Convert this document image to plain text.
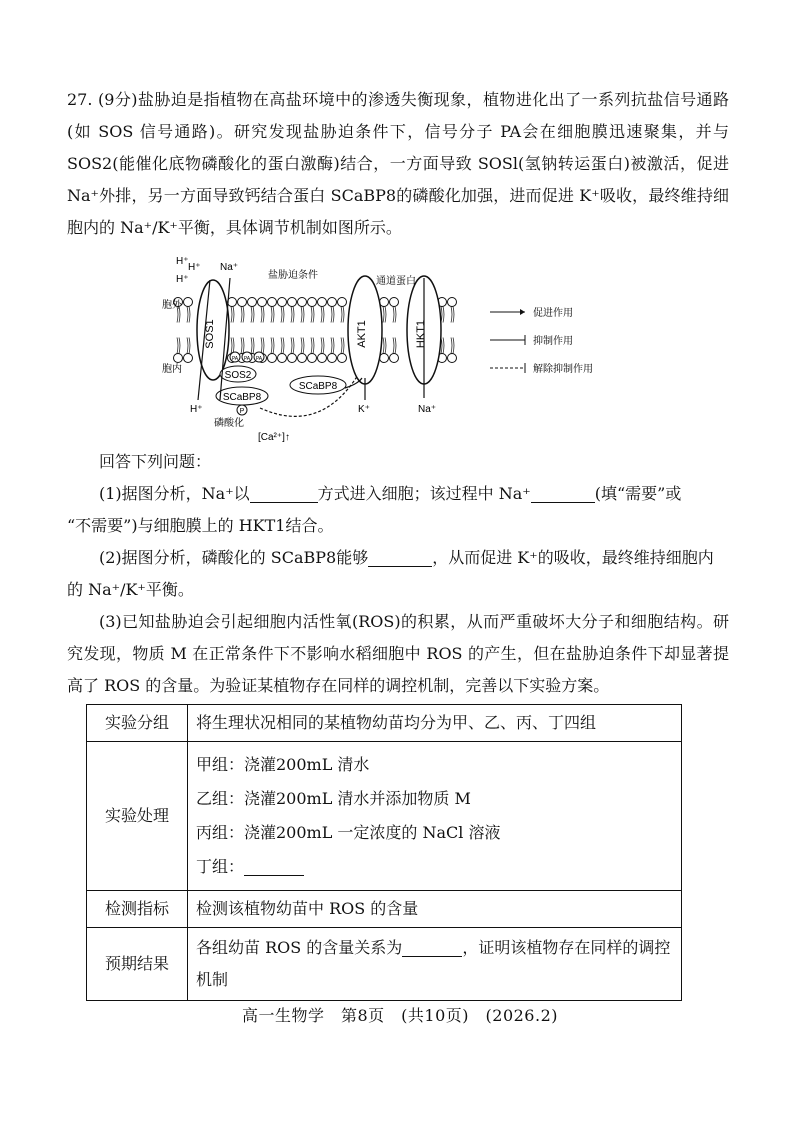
27. (9分)盐胁迫是指植物在高盐环境中的渗透失衡现象，植物进化出了一系列抗盐信号通路(如 SOS 信号通路)。研究发现盐胁迫条件下，信号分子 PA会在细胞膜迅速聚集，并与 SOS2(能催化底物磷酸化的蛋白激酶)结合，一方面导致 SOSl(氢钠转运蛋白)被激活，促进 Na⁺外排，另一方面导致钙结合蛋白 SCaBP8的磷酸化加强，进而促进 K⁺吸收，最终维持细胞内的 Na⁺/K⁺平衡，具体调节机制如图所示。

SOS1	AKT1	HKT1
H⁺
H⁺
H⁺
Na⁺
盐胁迫条件
通道蛋白
胞外
胞内
PA PA PA
SOS2
SCaBP8
SCaBP8
P
磷酸化
[Ca²⁺]↑
H⁺	K⁺	Na⁺
促进作用
抑制作用
解除抑制作用

回答下列问题：

(1)据图分析，Na⁺以	方式进入细胞；该过程中 Na⁺	(填“需要”或

“不需要”)与细胞膜上的 HKT1结合。

(2)据图分析，磷酸化的 SCaBP8能够	，从而促进 K⁺的吸收，最终维持细胞内

的 Na⁺/K⁺平衡。

(3)已知盐胁迫会引起细胞内活性氧(ROS)的积累，从而严重破坏大分子和细胞结构。研究发现，物质 M 在正常条件下不影响水稻细胞中 ROS 的产生，但在盐胁迫条件下却显著提高了 ROS 的含量。为验证某植物存在同样的调控机制，完善以下实验方案。

实验分组	将生理状况相同的某植物幼苗均分为甲、乙、丙、丁四组
实验处理	甲组：浇灌200mL 清水
乙组：浇灌200mL 清水并添加物质 M
丙组：浇灌200mL 一定浓度的 NaCl 溶液
丁组：

检测指标	检测该植物幼苗中 ROS 的含量
预期结果	各组幼苗 ROS 的含量关系为 ，证明该植物存在同样的调控机制
高一生物学　第8页　(共10页)　(2026.2)
